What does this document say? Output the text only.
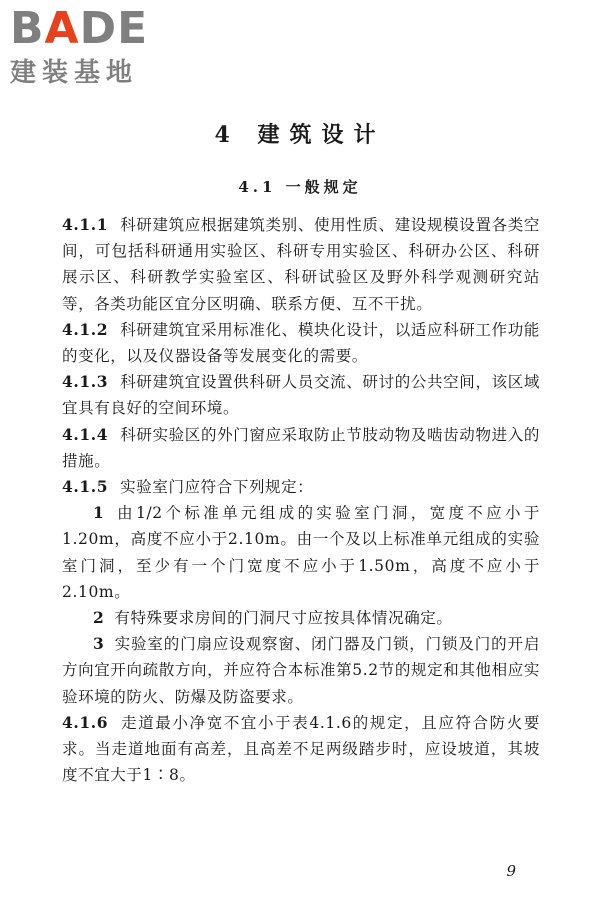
BADE
建装基地
4 建筑设计
4.1 一般规定

4.1.1 科研建筑应根据建筑类别、使用性质、建设规模设置各类空间，可包括科研通用实验区、科研专用实验区、科研办公区、科研展示区、科研教学实验室区、科研试验区及野外科学观测研究站等，各类功能区宜分区明确、联系方便、互不干扰。

4.1.2 科研建筑宜采用标准化、模块化设计，以适应科研工作功能的变化，以及仪器设备等发展变化的需要。

4.1.3 科研建筑宜设置供科研人员交流、研讨的公共空间，该区域宜具有良好的空间环境。

4.1.4 科研实验区的外门窗应采取防止节肢动物及啮齿动物进入的措施。

4.1.5 实验室门应符合下列规定：

1 由1/2个标准单元组成的实验室门洞，宽度不应小于1.20m，高度不应小于2.10m。由一个及以上标准单元组成的实验室门洞，至少有一个门宽度不应小于1.50m，高度不应小于2.10m。

2 有特殊要求房间的门洞尺寸应按具体情况确定。

3 实验室的门扇应设观察窗、闭门器及门锁，门锁及门的开启方向宜开向疏散方向，并应符合本标准第5.2节的规定和其他相应实验环境的防火、防爆及防盗要求。

4.1.6 走道最小净宽不宜小于表4.1.6的规定，且应符合防火要求。当走道地面有高差，且高差不足两级踏步时，应设坡道，其坡度不宜大于1∶8。

9
